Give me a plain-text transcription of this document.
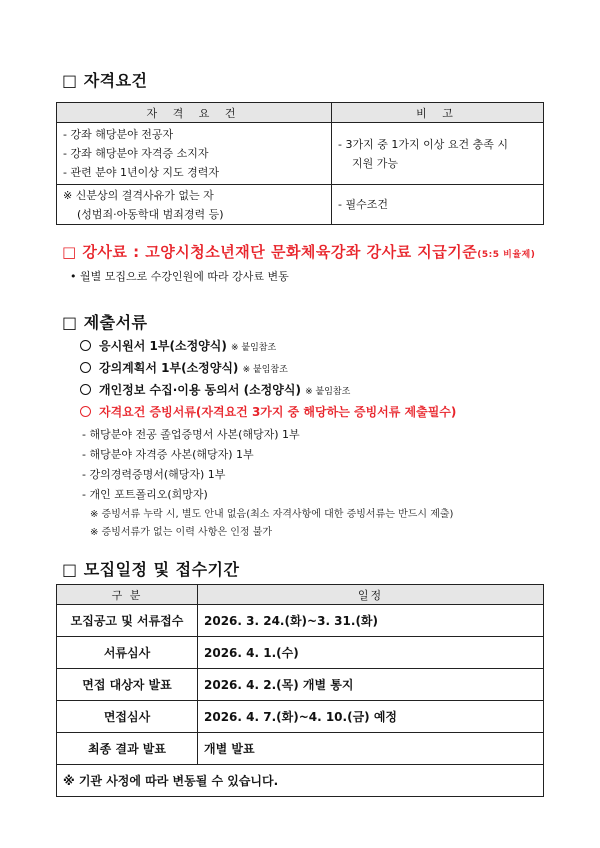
□ 자격요건
자 격 요 건	비 고

- 강좌 해당분야 전공자
- 강좌 해당분야 자격증 소지자
- 관련 분야 1년이상 지도 경력자	- 3가지 중 1가지 이상 요건 충족 시
지원 가능

※ 신분상의 결격사유가 없는 자
(성범죄·아동학대 범죄경력 등)	- 필수조건
□ 강사료 : 고양시청소년재단 문화체육강좌 강사료 지급기준(5:5 비율제)
• 월별 모집으로 수강인원에 따라 강사료 변동
□ 제출서류
응시원서 1부(소정양식) ※ 붙임참조
강의계획서 1부(소정양식) ※ 붙임참조
개인정보 수집·이용 동의서 (소정양식) ※ 붙임참조
자격요건 증빙서류(자격요건 3가지 중 해당하는 증빙서류 제출필수)
- 해당분야 전공 졸업증명서 사본(해당자) 1부
- 해당분야 자격증 사본(해당자) 1부
- 강의경력증명서(해당자) 1부
- 개인 포트폴리오(희망자)
※ 증빙서류 누락 시, 별도 안내 없음(최소 자격사항에 대한 증빙서류는 반드시 제출)
※ 증빙서류가 없는 이력 사항은 인정 불가
□ 모집일정 및 접수기간
구 분	일정
모집공고 및 서류접수	2026. 3. 24.(화)~3. 31.(화)
서류심사	2026. 4. 1.(수)
면접 대상자 발표	2026. 4. 2.(목) 개별 통지
면접심사	2026. 4. 7.(화)~4. 10.(금) 예정
최종 결과 발표	개별 발표
※ 기관 사정에 따라 변동될 수 있습니다.	
